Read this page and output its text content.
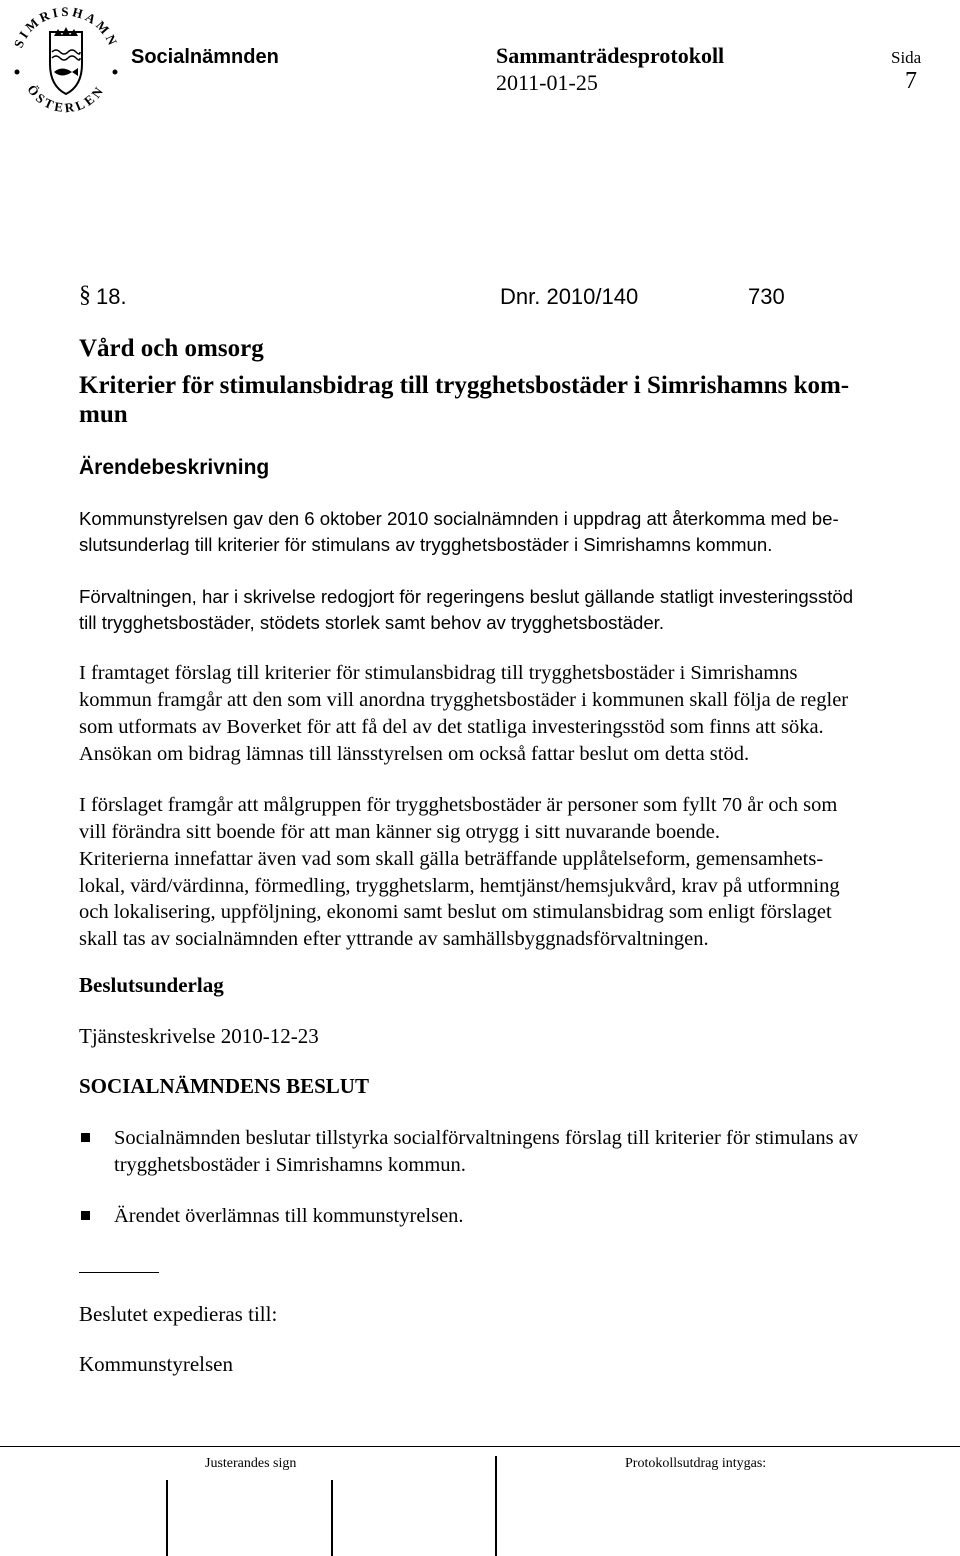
SIMRISHAMN
ÖSTERLEN
Socialnämnden	Sammanträdesprotokoll
2011-01-25
Sida
7
§ 18.	Dnr. 2010/140	730
Vård och omsorg
Kriterier för stimulansbidrag till trygghetsbostäder i Simrishamns kom-
mun
Ärendebeskrivning
Kommunstyrelsen gav den 6 oktober 2010 socialnämnden i uppdrag att återkomma med be-
slutsunderlag till kriterier för stimulans av trygghetsbostäder i Simrishamns kommun.
Förvaltningen, har i skrivelse redogjort för regeringens beslut gällande statligt investeringsstöd
till trygghetsbostäder, stödets storlek samt behov av trygghetsbostäder.
I framtaget förslag till kriterier för stimulansbidrag till trygghetsbostäder i Simrishamns
kommun framgår att den som vill anordna trygghetsbostäder i kommunen skall följa de regler
som utformats av Boverket för att få del av det statliga investeringsstöd som finns att söka.
Ansökan om bidrag lämnas till länsstyrelsen om också fattar beslut om detta stöd.
I förslaget framgår att målgruppen för trygghetsbostäder är personer som fyllt 70 år och som
vill förändra sitt boende för att man känner sig otrygg i sitt nuvarande boende.
Kriterierna innefattar även vad som skall gälla beträffande upplåtelseform, gemensamhets-
lokal, värd/värdinna, förmedling, trygghetslarm, hemtjänst/hemsjukvård, krav på utformning
och lokalisering, uppföljning, ekonomi samt beslut om stimulansbidrag som enligt förslaget
skall tas av socialnämnden efter yttrande av samhällsbyggnadsförvaltningen.
Beslutsunderlag
Tjänsteskrivelse 2010-12-23
SOCIALNÄMNDENS BESLUT
Socialnämnden beslutar tillstyrka socialförvaltningens förslag till kriterier för stimulans av
trygghetsbostäder i Simrishamns kommun.
Ärendet överlämnas till kommunstyrelsen.
Beslutet expedieras till:
Kommunstyrelsen
Justerandes sign	Protokollsutdrag intygas:
